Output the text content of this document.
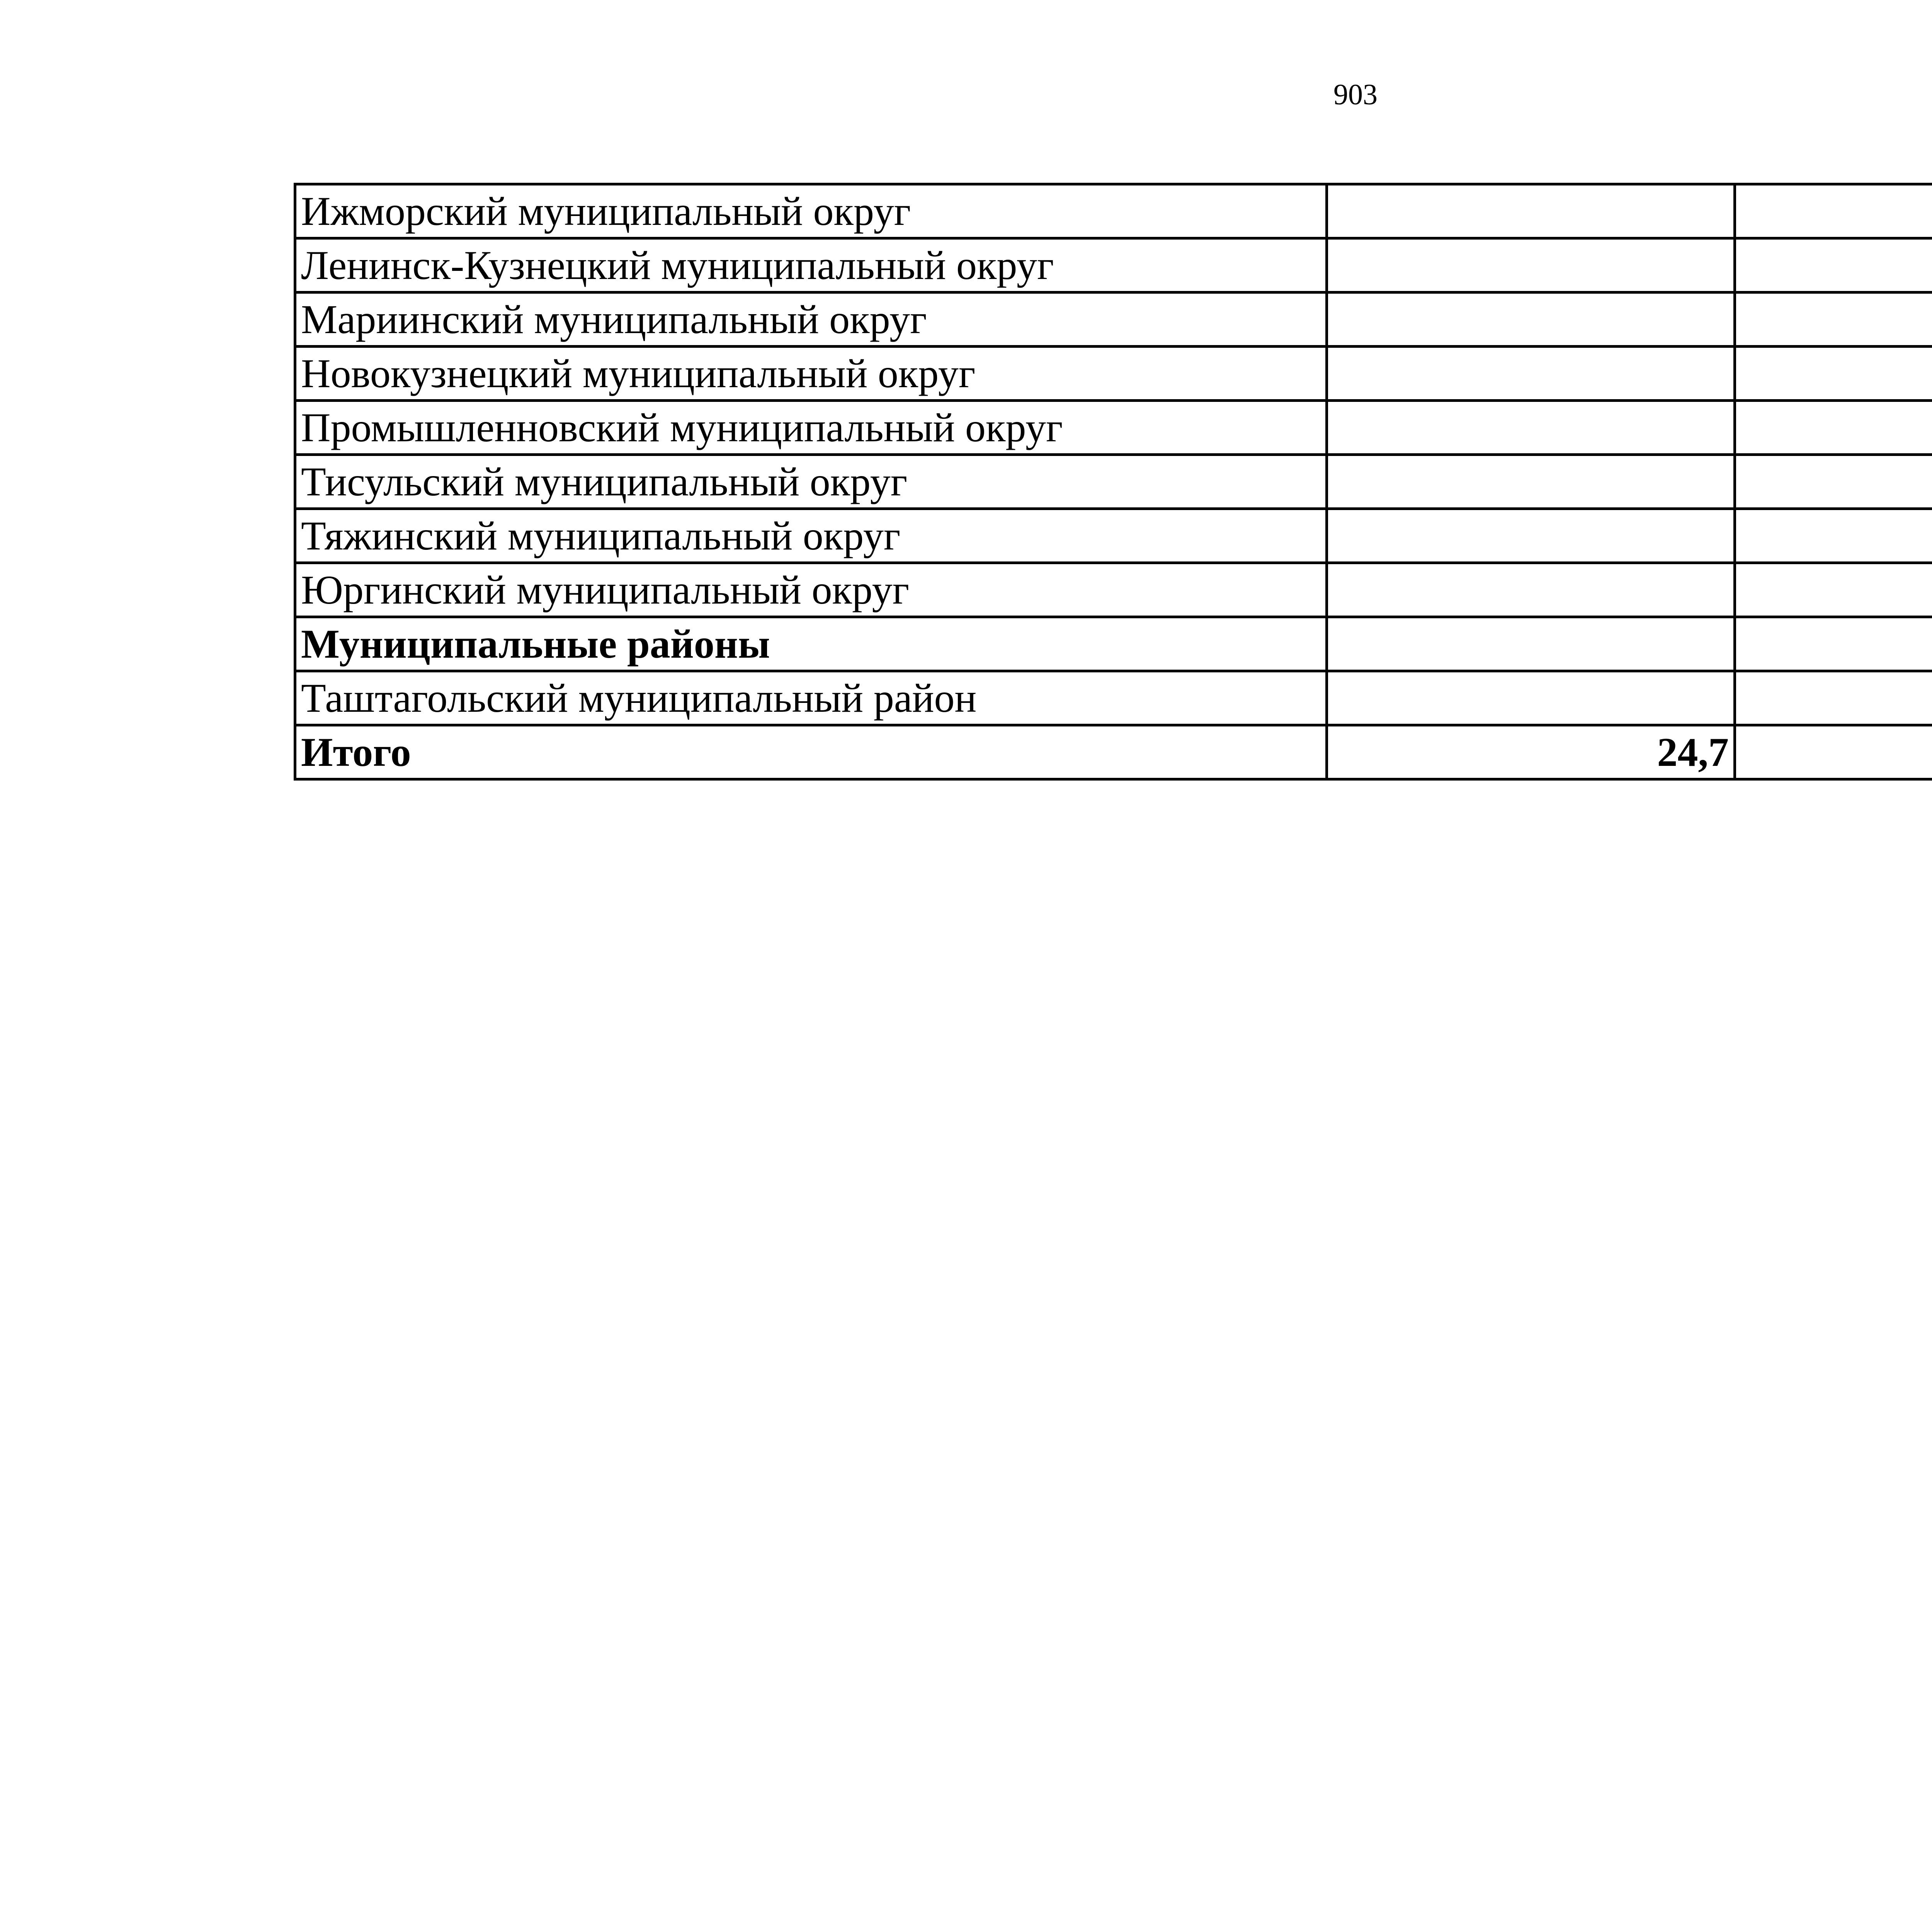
903
Ижморский муниципальный округ			
Ленинск-Кузнецкий муниципальный округ			
Мариинский муниципальный округ			
Новокузнецкий муниципальный округ			
Промышленновский муниципальный округ			
Тисульский муниципальный округ			
Тяжинский муниципальный округ			
Юргинский муниципальный округ			
Муниципальные районы			
Таштагольский муниципальный район			
Итого	24,7		
